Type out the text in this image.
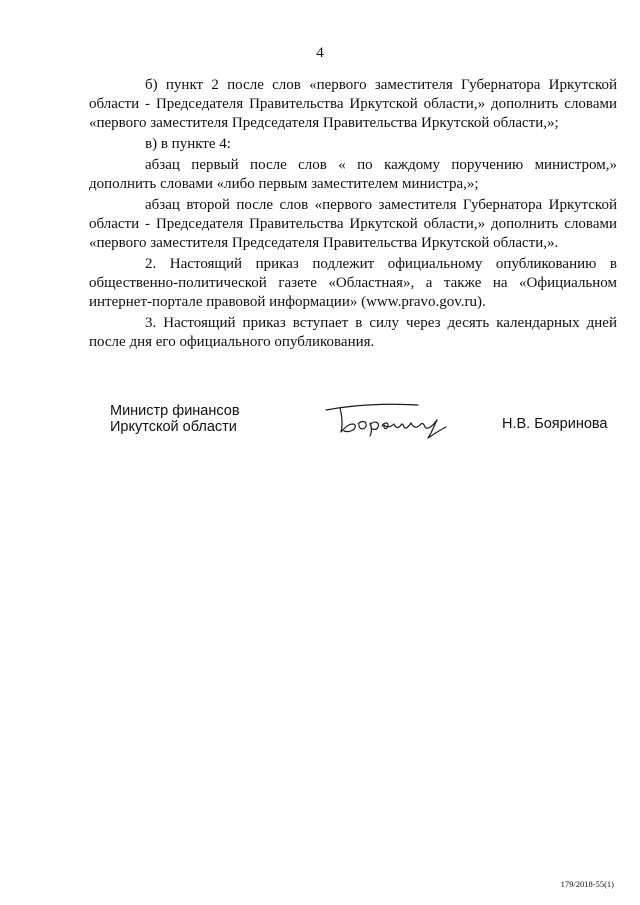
4

б) пункт 2 после слов «первого заместителя Губернатора Иркутской области - Председателя Правительства Иркутской области,» дополнить словами «первого заместителя Председателя Правительства Иркутской области,»;

в) в пункте 4:

абзац первый после слов « по каждому поручению министром,» дополнить словами «либо первым заместителем министра,»;

абзац второй после слов «первого заместителя Губернатора Иркутской области - Председателя Правительства Иркутской области,» дополнить словами «первого заместителя Председателя Правительства Иркутской области,».

2. Настоящий приказ подлежит официальному опубликованию в общественно-политической газете «Областная», а также на «Официальном интернет-портале правовой информации» (www.pravo.gov.ru).

3. Настоящий приказ вступает в силу через десять календарных дней после дня его официального опубликования.

Министр финансов
Иркутской области	Н.В. Бояринова
179/2018-55(1)
